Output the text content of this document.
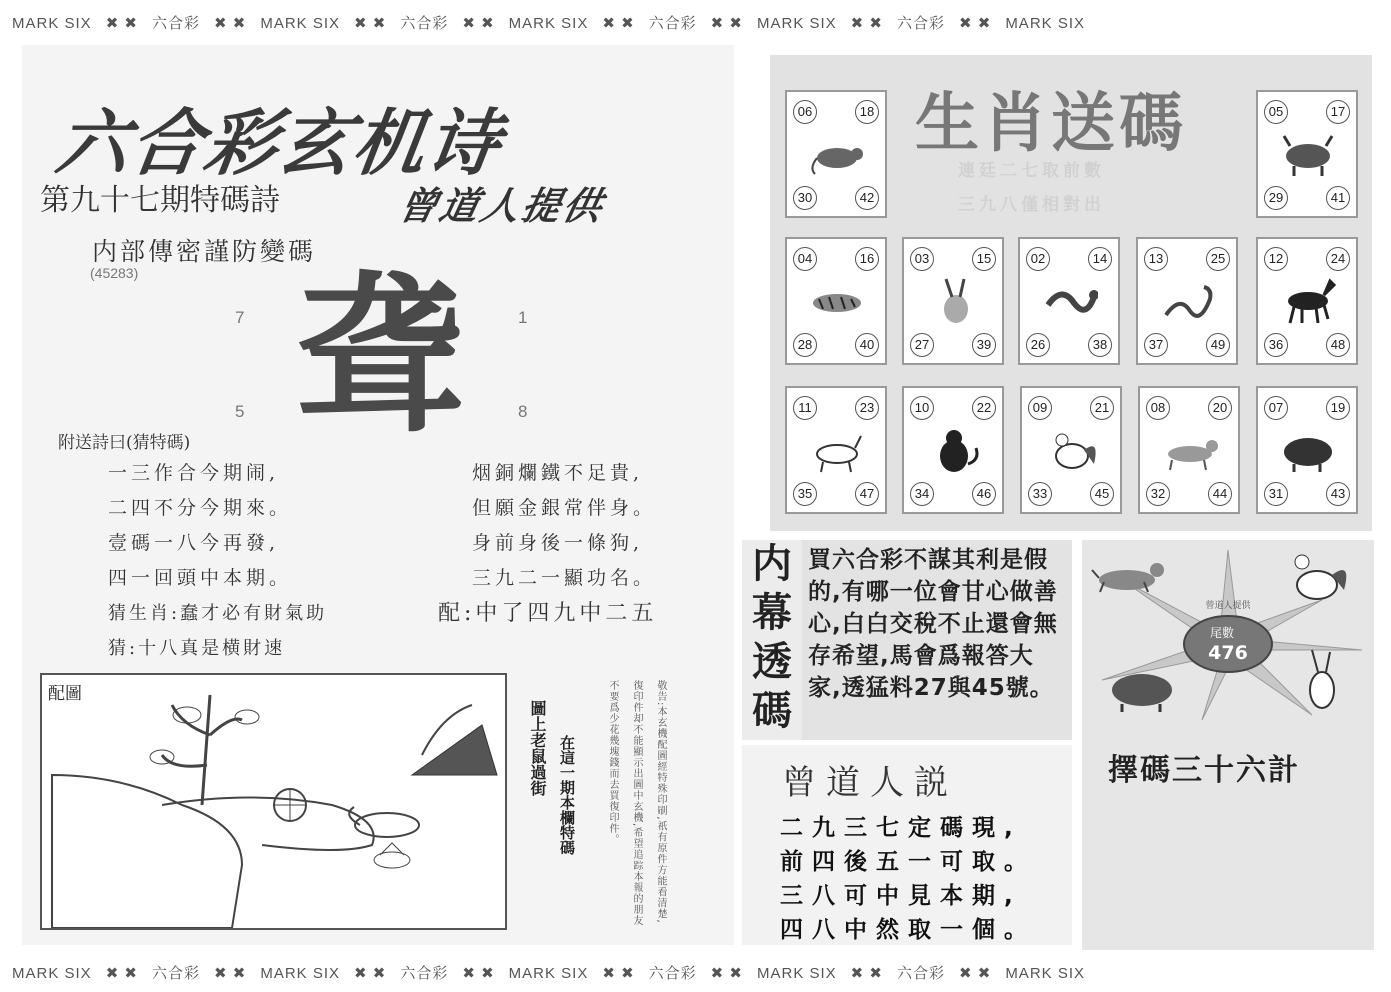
MARK SIX ✖ ✖ 六合彩 ✖ ✖ MARK SIX ✖ ✖ 六合彩 ✖ ✖ MARK SIX ✖ ✖ 六合彩 ✖ ✖ MARK SIX ✖ ✖ 六合彩 ✖ ✖ MARK SIX
MARK SIX ✖ ✖ 六合彩 ✖ ✖ MARK SIX ✖ ✖ 六合彩 ✖ ✖ MARK SIX ✖ ✖ 六合彩 ✖ ✖ MARK SIX ✖ ✖ 六合彩 ✖ ✖ MARK SIX
六合彩玄机诗
第九十七期特碼詩	曾道人提供
内部傳密謹防變碼
(45283) 聋
7	1
5	8
附送詩曰(猜特碼)
一三作合今期闹,
二四不分今期來。
壹碼一八今再發,
四一回頭中本期。
猜生肖:蠢才必有財氣助
猜:十八真是横財速
烟銅爛鐵不足貴,
但願金銀常伴身。
身前身後一條狗,
三九二一顯功名。
配:中了四九中二五
配圖
圖上老鼠過街 在這一期本欄特碼	敬告:本玄機配圖經特殊印刷,祇有原件方能看清楚,復印件却不能顯示出圖中玄機,希望追踪本報的朋友不要爲少花幾塊錢而去買復印件。
生肖送碼
連廷二七取前數
三九八僅相對出
06	18
30	42
05	17
29	41
04	16
28	40
03	15
27	39
02	14
26	38
13	25
37	49
12	24
36	48
11	23
35	47
10	22
34	46
09	21
33	45
08	20
32	44
07	19
31	43
内幕透碼
買六合彩不謀其利是假的,有哪一位會甘心做善心,白白交稅不止還會無存希望,馬會爲報答大家,透猛料27與45號。
曾道人説
二九三七定碼現,
前四後五一可取。
三八可中見本期,
四八中然取一個。
曾道人提供
尾數
476
擇碼三十六計
